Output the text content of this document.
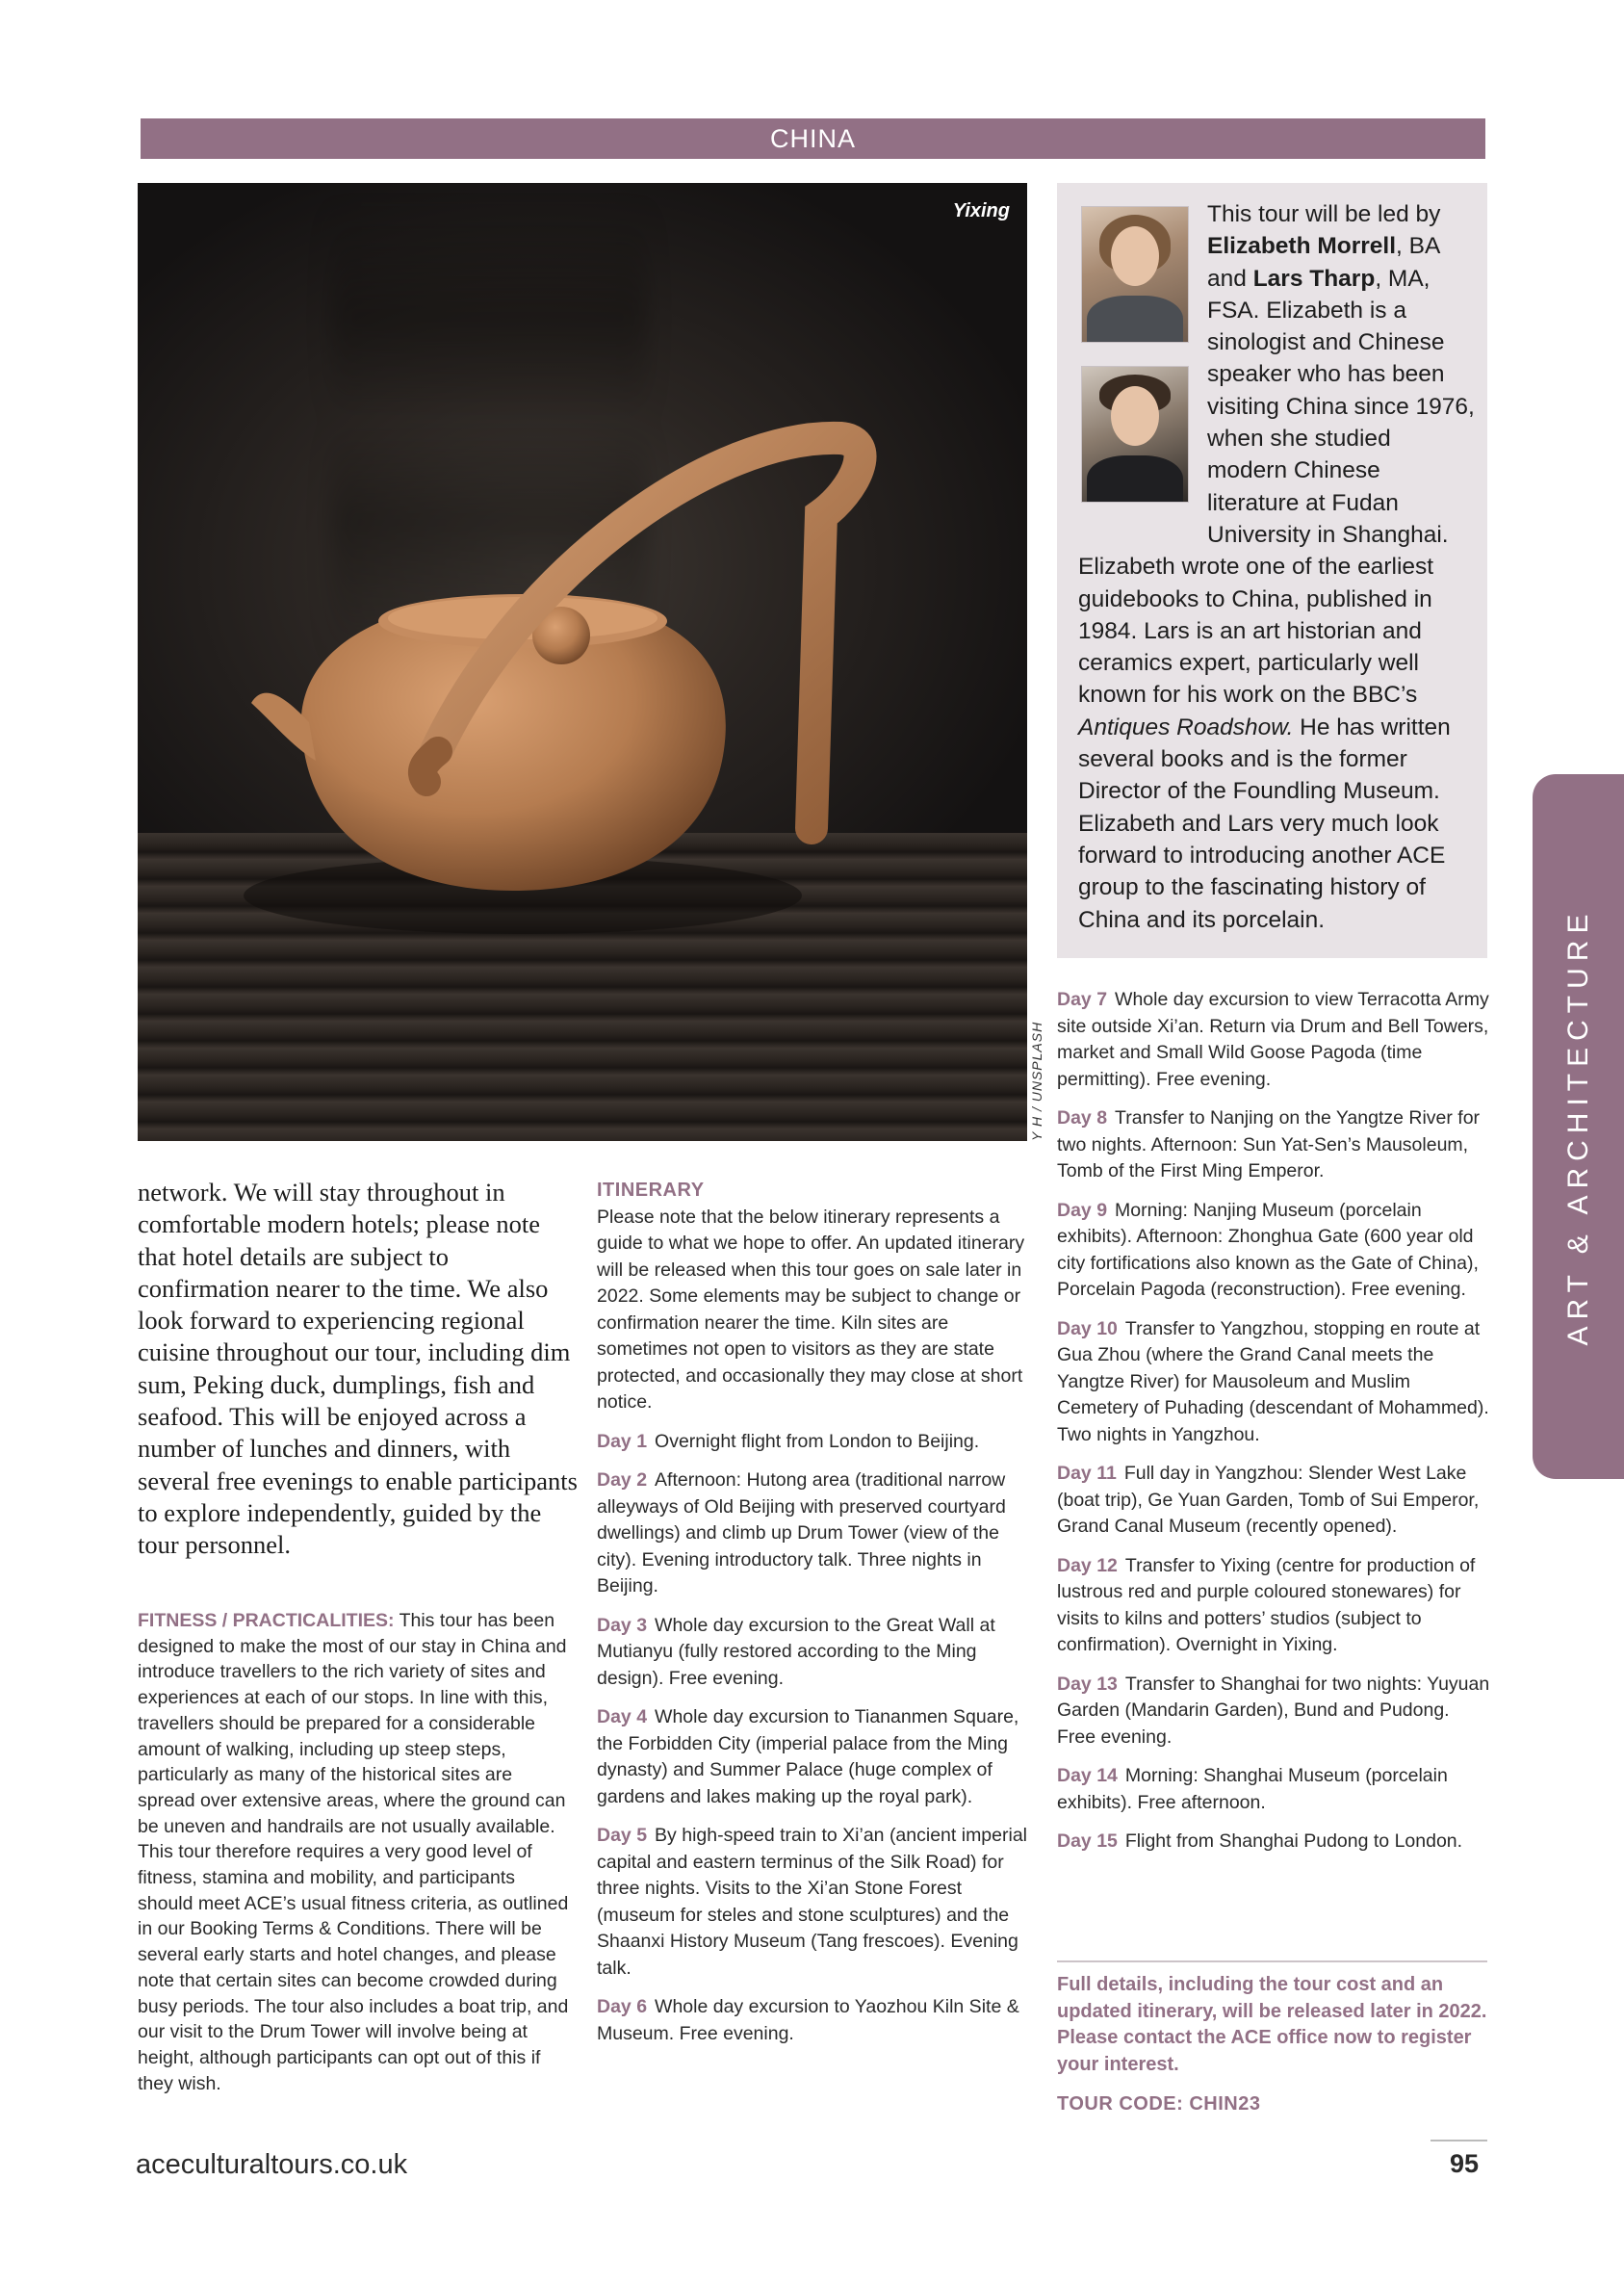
CHINA
Yixing
Y H / UNSPLASH
This tour will be led by Elizabeth Morrell, BA and Lars Tharp, MA, FSA. Elizabeth is a sinologist and Chinese speaker who has been visiting China since 1976, when she studied modern Chinese literature at Fudan University in Shanghai. Elizabeth wrote one of the earliest guidebooks to China, published in 1984. Lars is an art historian and ceramics expert, particularly well known for his work on the BBC’s Antiques Roadshow. He has written several books and is the former Director of the Foundling Museum. Elizabeth and Lars very much look forward to introducing another ACE group to the fascinating history of China and its porcelain.
network. We will stay throughout in comfortable modern hotels; please note that hotel details are subject to confirmation nearer to the time. We also look forward to experiencing regional cuisine throughout our tour, including dim sum, Peking duck, dumplings, fish and seafood. This will be enjoyed across a number of lunches and dinners, with several free evenings to enable participants to explore independently, guided by the tour personnel.
FITNESS / PRACTICALITIES: This tour has been designed to make the most of our stay in China and introduce travellers to the rich variety of sites and experiences at each of our stops. In line with this, travellers should be prepared for a considerable amount of walking, including up steep steps, particularly as many of the historical sites are spread over extensive areas, where the ground can be uneven and handrails are not usually available. This tour therefore requires a very good level of fitness, stamina and mobility, and participants should meet ACE’s usual fitness criteria, as outlined in our Booking Terms & Conditions. There will be several early starts and hotel changes, and please note that certain sites can become crowded during busy periods. The tour also includes a boat trip, and our visit to the Drum Tower will involve being at height, although participants can opt out of this if they wish.
ITINERARY
Please note that the below itinerary represents a guide to what we hope to offer. An updated itinerary will be released when this tour goes on sale later in 2022. Some elements may be subject to change or confirmation nearer the time. Kiln sites are sometimes not open to visitors as they are state protected, and occasionally they may close at short notice.
Day 1 Overnight flight from London to Beijing.
Day 2 Afternoon: Hutong area (traditional narrow alleyways of Old Beijing with preserved courtyard dwellings) and climb up Drum Tower (view of the city). Evening introductory talk. Three nights in Beijing.
Day 3 Whole day excursion to the Great Wall at Mutianyu (fully restored according to the Ming design). Free evening.
Day 4 Whole day excursion to Tiananmen Square, the Forbidden City (imperial palace from the Ming dynasty) and Summer Palace (huge complex of gardens and lakes making up the royal park).
Day 5 By high-speed train to Xi’an (ancient imperial capital and eastern terminus of the Silk Road) for three nights. Visits to the Xi’an Stone Forest (museum for steles and stone sculptures) and the Shaanxi History Museum (Tang frescoes). Evening talk.
Day 6 Whole day excursion to Yaozhou Kiln Site & Museum. Free evening.
Day 7 Whole day excursion to view Terracotta Army site outside Xi’an. Return via Drum and Bell Towers, market and Small Wild Goose Pagoda (time permitting). Free evening.
Day 8 Transfer to Nanjing on the Yangtze River for two nights. Afternoon: Sun Yat-Sen’s Mausoleum, Tomb of the First Ming Emperor.
Day 9 Morning: Nanjing Museum (porcelain exhibits). Afternoon: Zhonghua Gate (600 year old city fortifications also known as the Gate of China), Porcelain Pagoda (reconstruction). Free evening.
Day 10 Transfer to Yangzhou, stopping en route at Gua Zhou (where the Grand Canal meets the Yangtze River) for Mausoleum and Muslim Cemetery of Puhading (descendant of Mohammed). Two nights in Yangzhou.
Day 11 Full day in Yangzhou: Slender West Lake (boat trip), Ge Yuan Garden, Tomb of Sui Emperor, Grand Canal Museum (recently opened).
Day 12 Transfer to Yixing (centre for production of lustrous red and purple coloured stonewares) for visits to kilns and potters’ studios (subject to confirmation). Overnight in Yixing.
Day 13 Transfer to Shanghai for two nights: Yuyuan Garden (Mandarin Garden), Bund and Pudong. Free evening.
Day 14 Morning: Shanghai Museum (porcelain exhibits). Free afternoon.
Day 15 Flight from Shanghai Pudong to London.
Full details, including the tour cost and an updated itinerary, will be released later in 2022. Please contact the ACE office now to register your interest.
TOUR CODE: CHIN23
ART & ARCHITECTURE
aceculturaltours.co.uk	95
